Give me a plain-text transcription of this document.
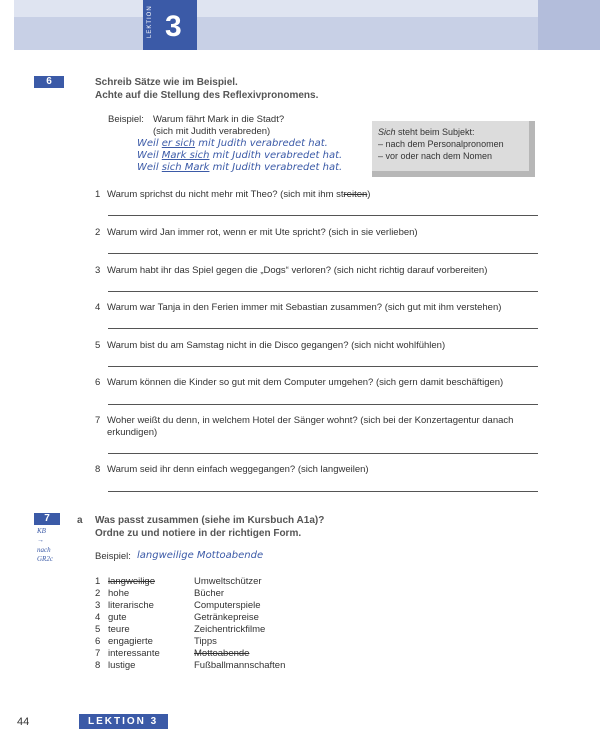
LEKTION 3
6	Schreib Sätze wie im Beispiel.
Achte auf die Stellung des Reflexivpronomens.
Beispiel: Warum fährt Mark in die Stadt?
(sich mit Judith verabreden)
Weil er sich mit Judith verabredet hat.
Weil Mark sich mit Judith verabredet hat.
Weil sich Mark mit Judith verabredet hat.
Sich steht beim Subjekt:
– nach dem Personalpronomen
– vor oder nach dem Nomen
1 Warum sprichst du nicht mehr mit Theo? (sich mit ihm streiten)
2 Warum wird Jan immer rot, wenn er mit Ute spricht? (sich in sie verlieben)
3 Warum habt ihr das Spiel gegen die „Dogs“ verloren? (sich nicht richtig darauf vorbereiten)
4 Warum war Tanja in den Ferien immer mit Sebastian zusammen? (sich gut mit ihm verstehen)
5 Warum bist du am Samstag nicht in die Disco gegangen? (sich nicht wohlfühlen)
6 Warum können die Kinder so gut mit dem Computer umgehen? (sich gern damit beschäftigen)
7 Woher weißt du denn, in welchem Hotel der Sänger wohnt? (sich bei der Konzertagentur danach
erkundigen)
8 Warum seid ihr denn einfach weggegangen? (sich langweilen)
7
KB
→
nach
GR2c
a Was passt zusammen (siehe im Kursbuch A1a)?
Ordne zu und notiere in der richtigen Form.
Beispiel: langweilige Mottoabende
1 langweilige	Umweltschützer
2 hohe	Bücher
3 literarische	Computerspiele
4 gute	Getränkepreise
5 teure	Zeichentrickfilme
6 engagierte	Tipps
7 interessante	Mottoabende
8 lustige	Fußballmannschaften
44	LEKTION 3
